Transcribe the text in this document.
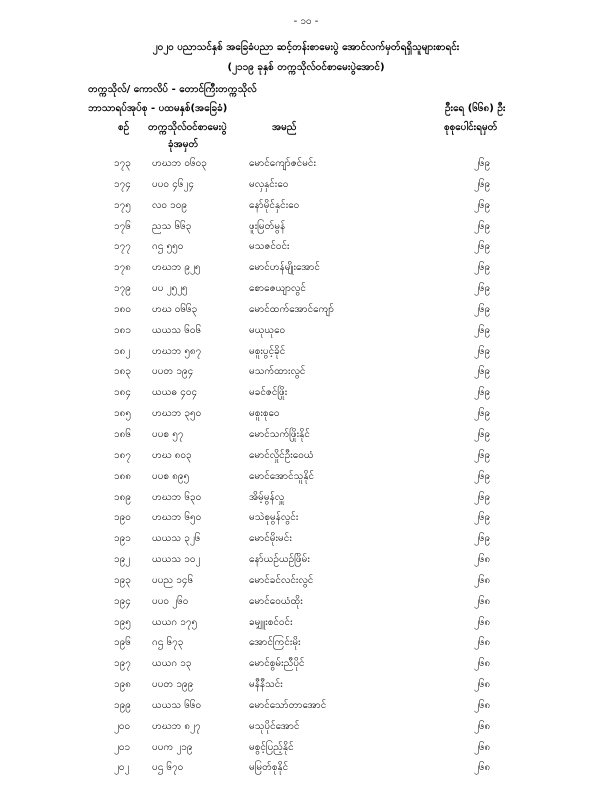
- ၁၀ -
၂၀၂၀ ပညာသင်နှစ် အခြေခံပညာ ဆင့်တန်းစာမေးပွဲ အောင်လက်မှတ်ရရှိသူများစာရင်း
(၂၁၁၉ ခုနှစ် တက္ကသိုလ်ဝင်စာမေးပွဲအောင်)
တက္ကသိုလ်/ ကောလိပ် - တောင်ကြီးတက္ကသိုလ်
ဘာသာရပ်အုပ်စု - ပထမနှစ်(အခြေခံ)	ဦးရေ (၆၆၈) ဦး
စဉ် တက္ကသိုလ်ဝင်စာမေးပွဲ
ခုံအမှတ်
အမည်	စုစုပေါင်းရမှတ်
၁၇၃ ဟဃဘ ၀၆၀၃	မောင်ကျော်ဇင်မင်း	၂၆၉
၁၇၄ ပပဝ ၄၆၂၄	မလှနှင်းဝေ	၂၆၉
၁၇၅ လဝ ၁၀၉	နော်မိုင်နှင်းဝေ	၂၆၉
၁၇၆ ညသ ၆၆၃	ဖူးမြတ်မွန်	၂၆၉
၁၇၇ ဂဌ ၅၅၀	မသဇင်ဝင်း	၂၆၉
၁၇၈ ဟဃဘ ၉၂၅	မောင်ဟန်မျိုးအောင်	၂၆၉
၁၇၉ ပပ ၂၅၂၅	စောဇေယျာလွင်	၂၆၉
၁၈၀ ဟဃ ၀၆၆၃	မောင်ထက်အောင်ကျော်	၂၆၉
၁၈၁ ယယသ ၆၀၆	မယုယုဝေ	၂၆၉
၁၈၂ ဟဃဘ ၅၈၇	မစူးပွင့်ခိုင်	၂၆၉
၁၈၃ ပပတ ၁၉၄	မသက်ထားလွင်	၂၆၉
၁၈၄ ယယဓ ၄၀၄	မခင်ဇင်ဖြိုး	၂၆၉
၁၈၅ ဟဃဘ ၃၅၀	မစူးစုဝေ	၂၆၉
၁၈၆ ပပစ ၅၇	မောင်သက်ဖြိုးနိုင်	၂၆၉
၁၈၇ ဟဃ ၈၀၃	မောင်လှိုင်ဦးဝေယံ	၂၆၉
၁၈၈ ပပစ ၈၉၅	မောင်အောင်သူနိုင်	၂၆၉
၁၈၉ ဟဃဘ ၆၃၀	အိမ့်မွန်လှူ	၂၆၉
၁၉၀ ဟဃဘ ၆၅၀	မသဲစုမွန်လွင်း	၂၆၉
၁၉၁ ယယသ ၃၂၆	မောင်မိုးမင်း	၂၆၉
၁၉၂ ယယသ ၁၀၂	နော်ယဉ်ယဉ်ဖြိမ်း	၂၆၈
၁၉၃ ပပည ၁၄၆	မောင်ခင်လင်းလွင်	၂၆၈
၁၉၄ ပပဝ ၂၆၀	မောင်ဝေယံထိုး	၂၆၈
၁၉၅ ယယဂ ၁၇၅	ခမျှူးစင်ဝင်း	၂၆၈
၁၉၆ ဂဌ ၆၇၃	အောင်ကြင်းမိုး	၂၆၈
၁၉၇ ယယဂ ၁၃	မောင်စွမ်းညီပိုင်	၂၆၈
၁၉၈ ပပတ ၁၉၉	မနီနီသင်း	၂၆၈
၁၉၉ ယယသ ၆၆၀	မောင်သော်တာအောင်	၂၆၈
၂၀၀ ဟဃဘ ၈၂၇	မသုပိုင်အောင်	၂၆၈
၂၀၁ ပပက ၂၁၉	မစွင့်ပြည့်နိုင်	၂၆၈
၂၀၂ ပဌ ၆၇၀	မမြတ်စုနိုင်	၂၆၈
